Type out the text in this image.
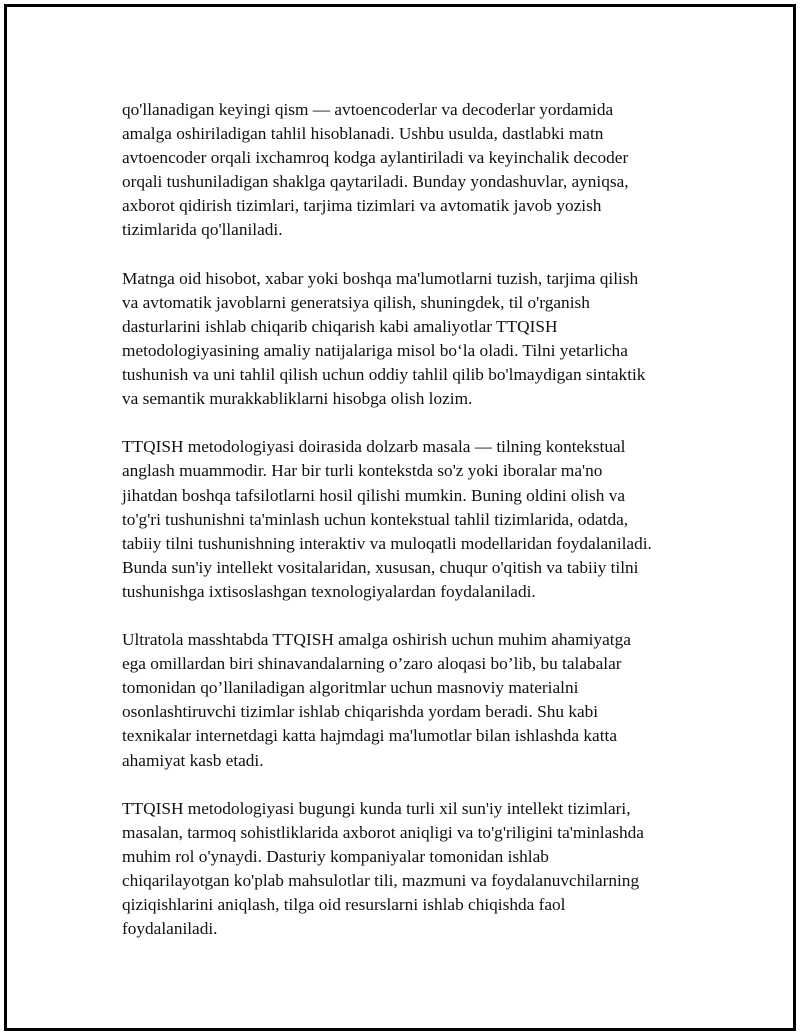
qo'llanadigan keyingi qism — avtoencoderlar va decoderlar yordamida
amalga oshiriladigan tahlil hisoblanadi. Ushbu usulda, dastlabki matn
avtoencoder orqali ixchamroq kodga aylantiriladi va keyinchalik decoder
orqali tushuniladigan shaklga qaytariladi. Bunday yondashuvlar, ayniqsa,
axborot qidirish tizimlari, tarjima tizimlari va avtomatik javob yozish
tizimlarida qo'llaniladi.

Matnga oid hisobot, xabar yoki boshqa ma'lumotlarni tuzish, tarjima qilish
va avtomatik javoblarni generatsiya qilish, shuningdek, til o'rganish
dasturlarini ishlab chiqarib chiqarish kabi amaliyotlar TTQISH
metodologiyasining amaliy natijalariga misol bo‘la oladi. Tilni yetarlicha
tushunish va uni tahlil qilish uchun oddiy tahlil qilib bo'lmaydigan sintaktik
va semantik murakkabliklarni hisobga olish lozim.

TTQISH metodologiyasi doirasida dolzarb masala — tilning kontekstual
anglash muammodir. Har bir turli kontekstda so'z yoki iboralar ma'no
jihatdan boshqa tafsilotlarni hosil qilishi mumkin. Buning oldini olish va
to'g'ri tushunishni ta'minlash uchun kontekstual tahlil tizimlarida, odatda,
tabiiy tilni tushunishning interaktiv va muloqatli modellaridan foydalaniladi.
Bunda sun'iy intellekt vositalaridan, xususan, chuqur o'qitish va tabiiy tilni
tushunishga ixtisoslashgan texnologiyalardan foydalaniladi.

Ultratola masshtabda TTQISH amalga oshirish uchun muhim ahamiyatga
ega omillardan biri shinavandalarning o’zaro aloqasi bo’lib, bu talabalar
tomonidan qo’llaniladigan algoritmlar uchun masnoviy materialni
osonlashtiruvchi tizimlar ishlab chiqarishda yordam beradi. Shu kabi
texnikalar internetdagi katta hajmdagi ma'lumotlar bilan ishlashda katta
ahamiyat kasb etadi.

TTQISH metodologiyasi bugungi kunda turli xil sun'iy intellekt tizimlari,
masalan, tarmoq sohistliklarida axborot aniqligi va to'g'riligini ta'minlashda
muhim rol o'ynaydi. Dasturiy kompaniyalar tomonidan ishlab
chiqarilayotgan ko'plab mahsulotlar tili, mazmuni va foydalanuvchilarning
qiziqishlarini aniqlash, tilga oid resurslarni ishlab chiqishda faol
foydalaniladi.
